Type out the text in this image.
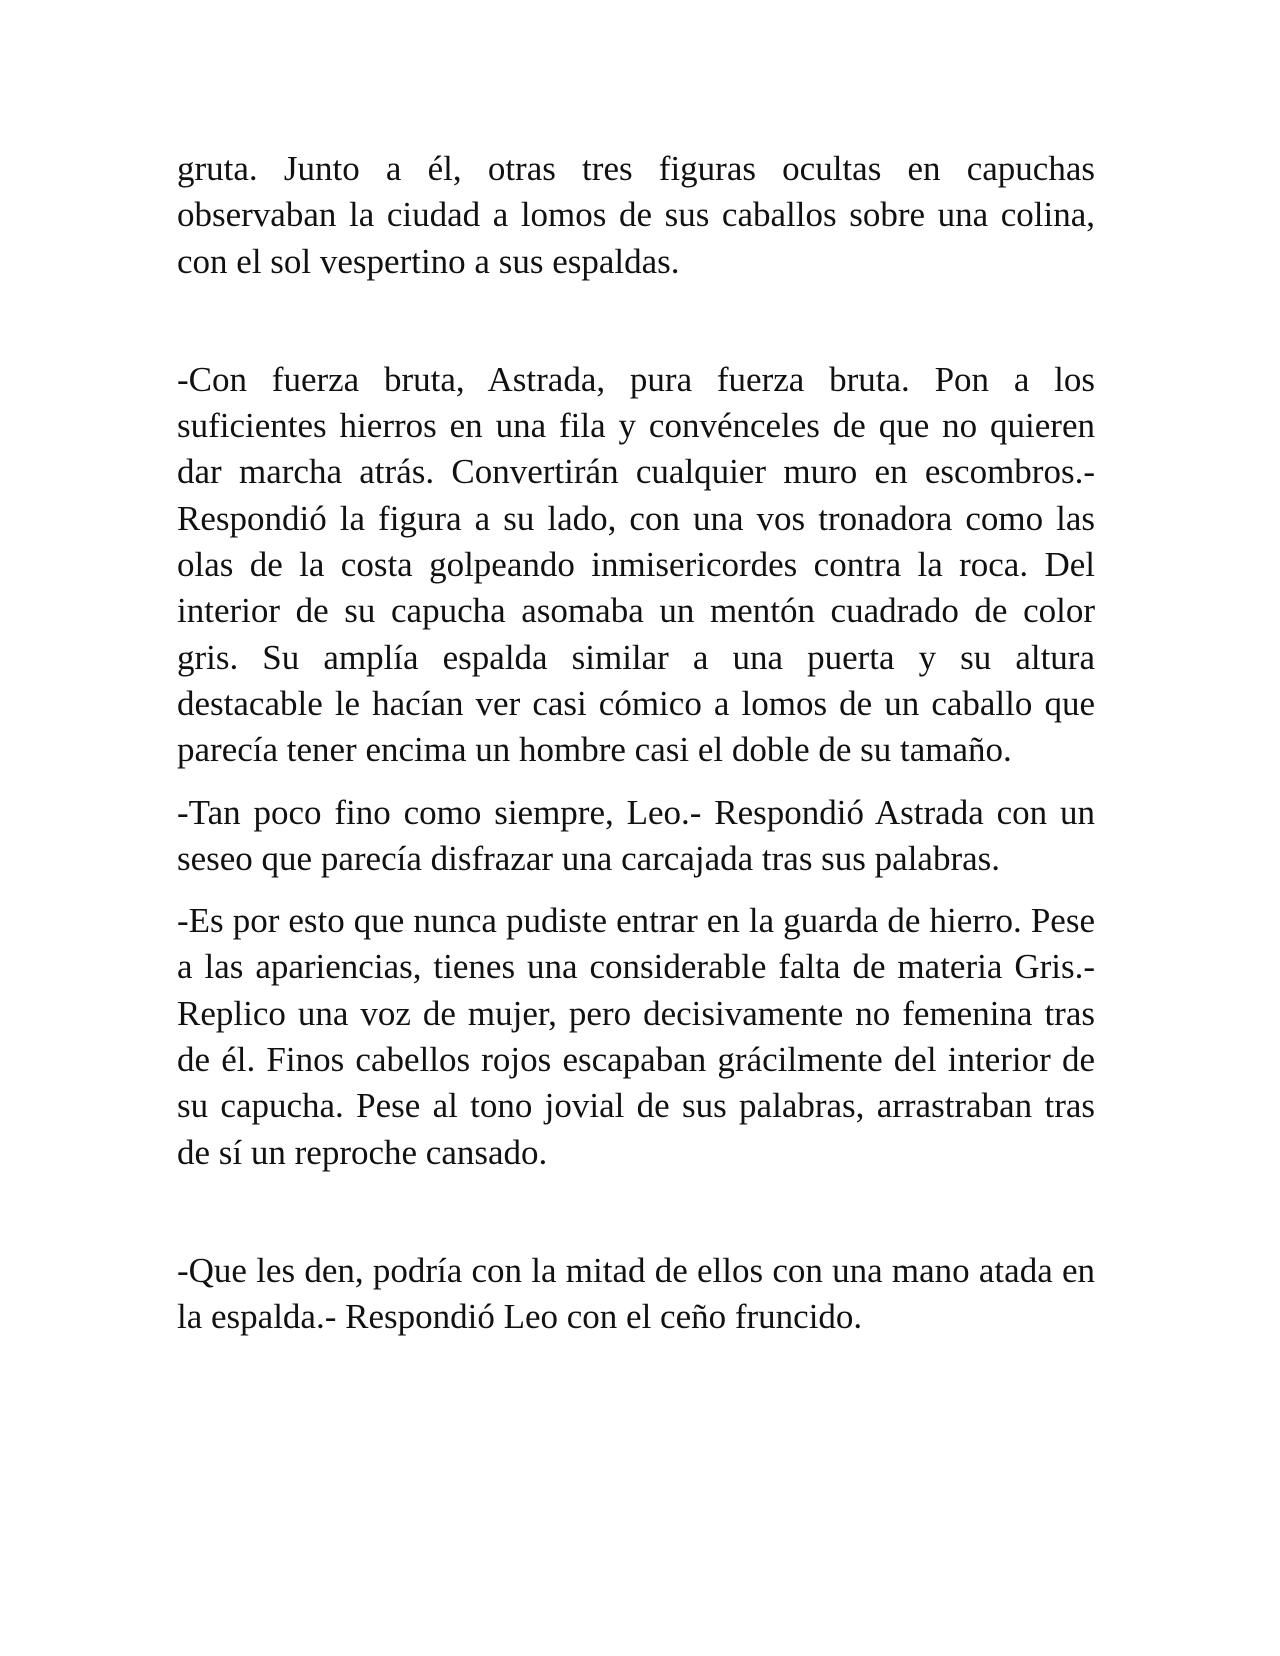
gruta. Junto a él, otras tres figuras ocultas en capuchas observaban la ciudad a lomos de sus caballos sobre una colina, con el sol vespertino a sus espaldas.

-Con fuerza bruta, Astrada, pura fuerza bruta. Pon a los suficientes hierros en una fila y convénceles de que no quieren dar marcha atrás. Convertirán cualquier muro en escombros.- Respondió la figura a su lado, con una vos tronadora como las olas de la costa golpeando inmisericordes contra la roca. Del interior de su capucha asomaba un mentón cuadrado de color gris. Su amplía espalda similar a una puerta y su altura destacable le hacían ver casi cómico a lomos de un caballo que parecía tener encima un hombre casi el doble de su tamaño.

-Tan poco fino como siempre, Leo.- Respondió Astrada con un seseo que parecía disfrazar una carcajada tras sus palabras.

-Es por esto que nunca pudiste entrar en la guarda de hierro. Pese a las apariencias, tienes una considerable falta de materia Gris.- Replico una voz de mujer, pero decisivamente no femenina tras de él. Finos cabellos rojos escapaban grácilmente del interior de su capucha. Pese al tono jovial de sus palabras, arrastraban tras de sí un reproche cansado.

-Que les den, podría con la mitad de ellos con una mano atada en la espalda.- Respondió Leo con el ceño fruncido.
